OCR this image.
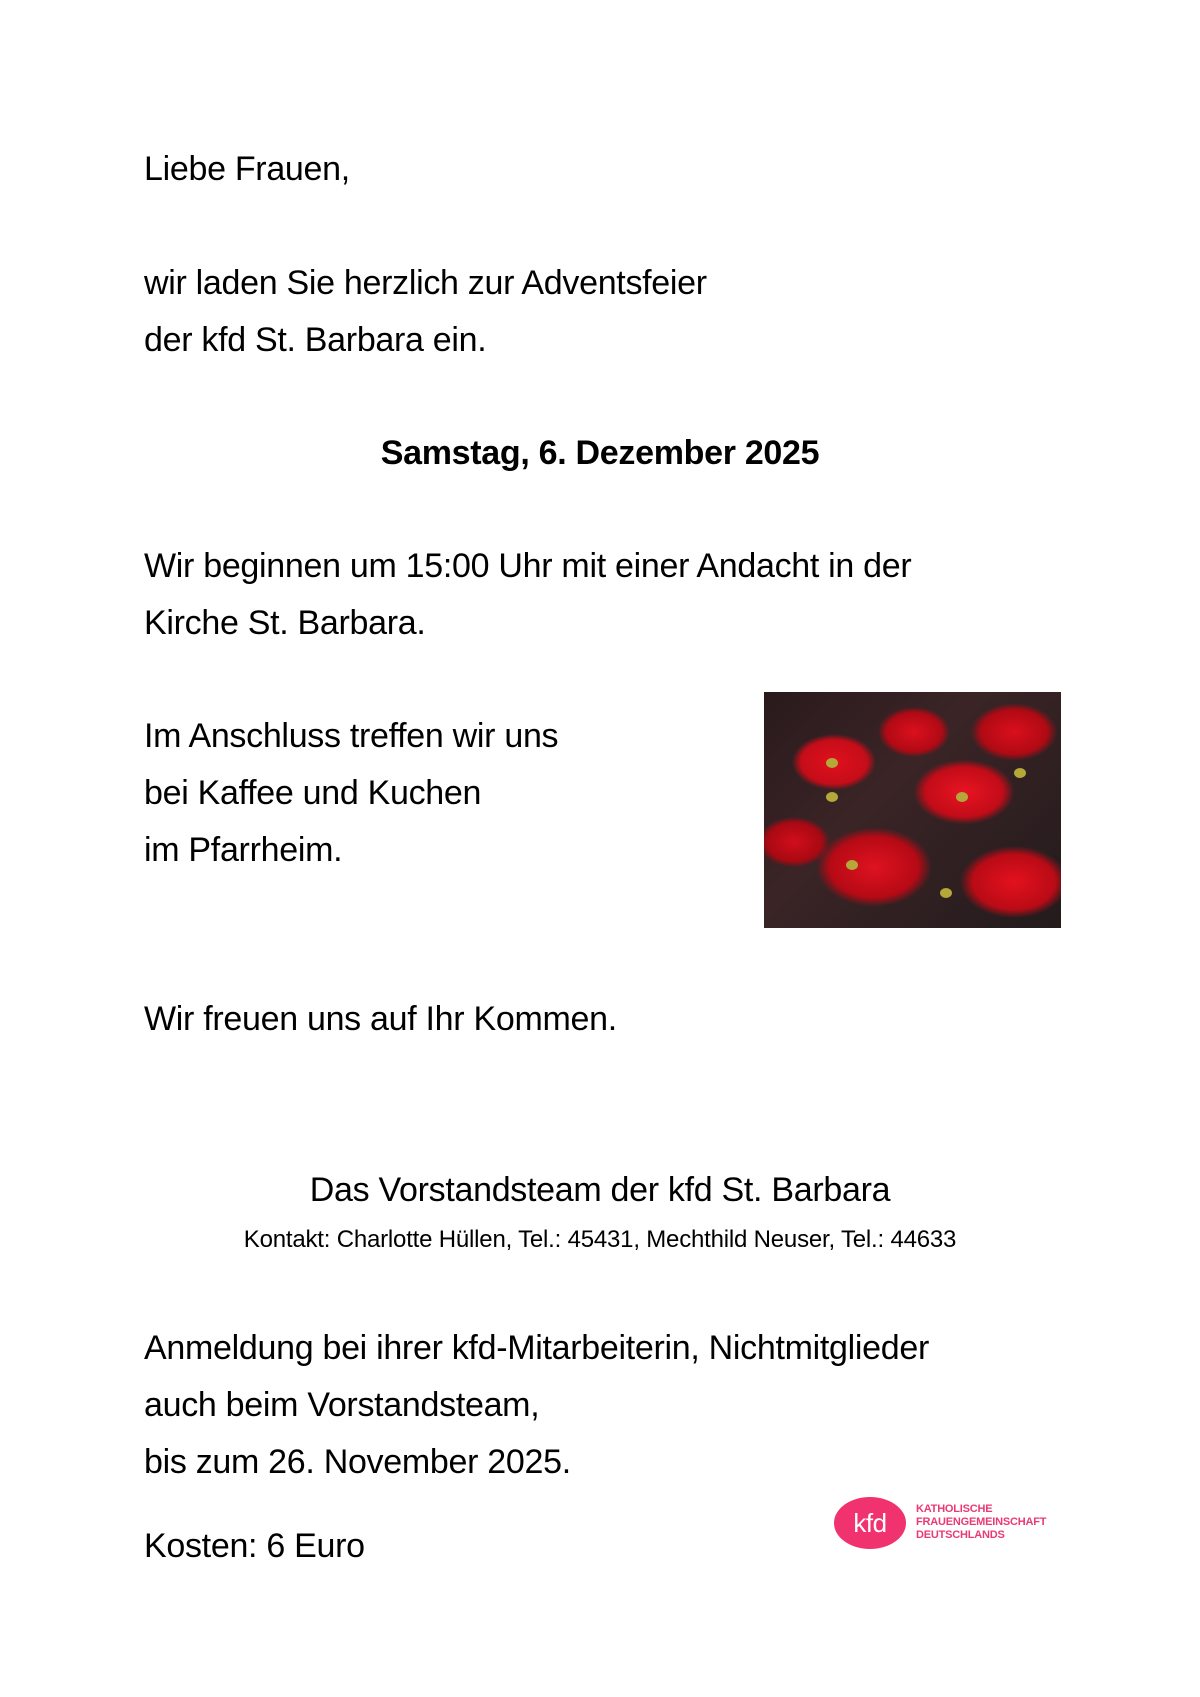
Liebe Frauen,
wir laden Sie herzlich zur Adventsfeier
der kfd St. Barbara ein.
Samstag, 6. Dezember 2025
Wir beginnen um 15:00 Uhr mit einer Andacht in der
Kirche St. Barbara.
Im Anschluss treffen wir uns
bei Kaffee und Kuchen
im Pfarrheim.
Wir freuen uns auf Ihr Kommen.
Das Vorstandsteam der kfd St. Barbara
Kontakt: Charlotte Hüllen, Tel.: 45431, Mechthild Neuser, Tel.: 44633
Anmeldung bei ihrer kfd-Mitarbeiterin, Nichtmitglieder
auch beim Vorstandsteam,
bis zum 26. November 2025.
Kosten: 6 Euro
kfd	KATHOLISCHE
FRAUENGEMEINSCHAFT
DEUTSCHLANDS
